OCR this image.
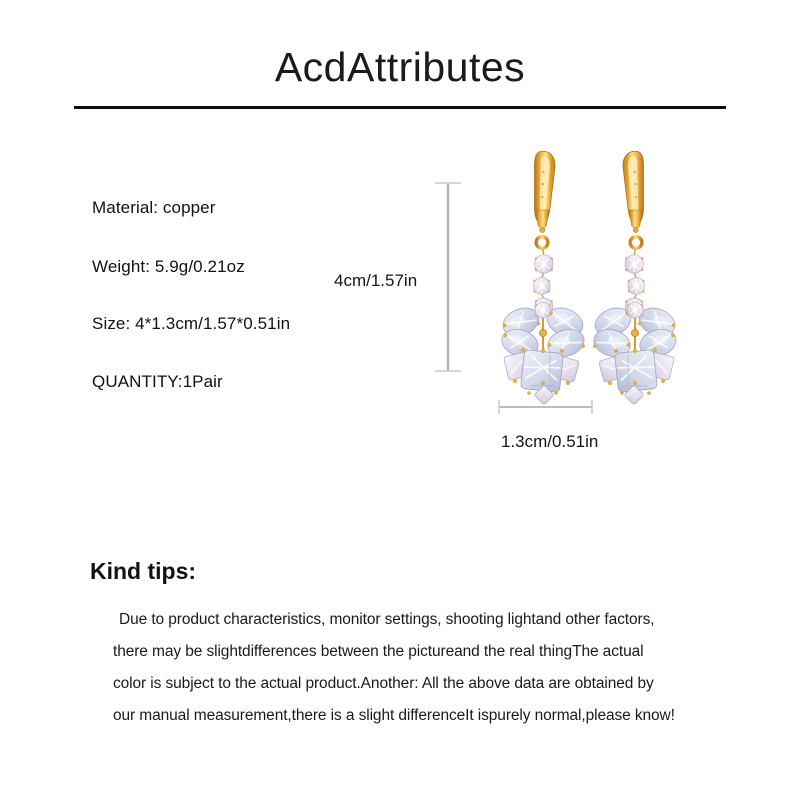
AcdAttributes
Material: copper
Weight: 5.9g/0.21oz
Size: 4*1.3cm/1.57*0.51in
QUANTITY:1Pair
4cm/1.57in
1.3cm/0.51in
Kind tips:
Due to product characteristics, monitor settings, shooting lightand other factors,
there may be slightdifferences between the pictureand the real thingThe actual
color is subject to the actual product.Another: All the above data are obtained by
our manual measurement,there is a slight differenceIt ispurely normal,please know!
